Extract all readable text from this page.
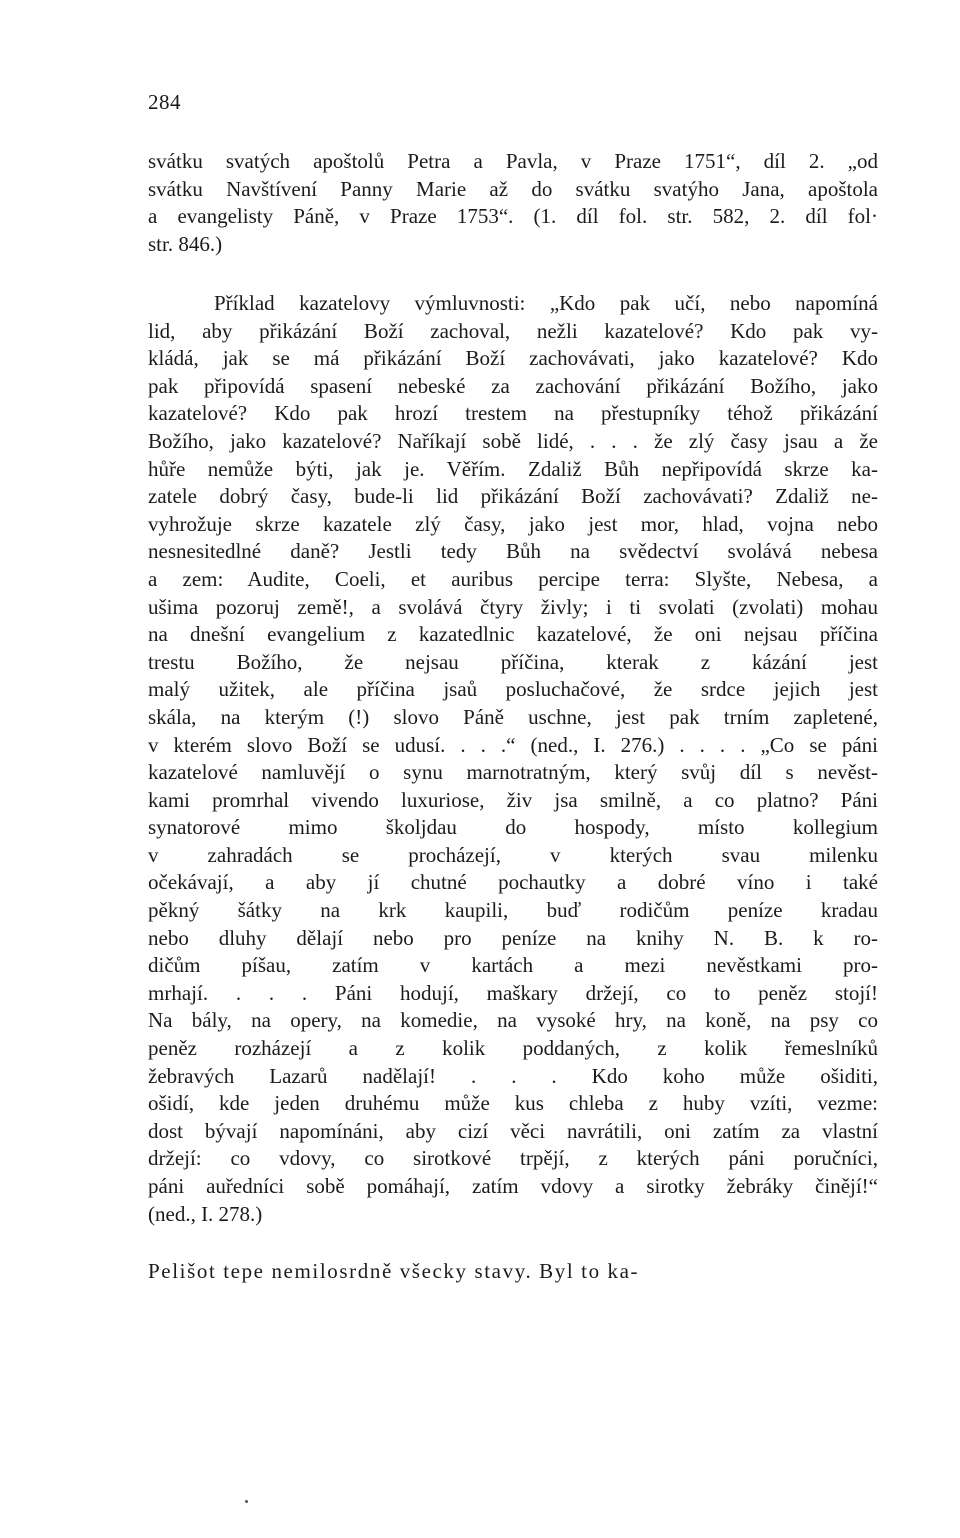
284
svátku svatých apoštolů Petra a Pavla, v Praze 1751“, díl 2. „od
svátku Navštívení Panny Marie až do svátku svatýho Jana, apoštola
a evangelisty Páně, v Praze 1753“. (1. díl fol. str. 582, 2. díl fol·
str. 846.)
Příklad kazatelovy výmluvnosti: „Kdo pak učí, nebo napomíná
lid, aby přikázání Boží zachoval, nežli kazatelové? Kdo pak vy-
kládá, jak se má přikázání Boží zachovávati, jako kazatelové? Kdo
pak připovídá spasení nebeské za zachování přikázání Božího, jako
kazatelové? Kdo pak hrozí trestem na přestupníky téhož přikázání
Božího, jako kazatelové? Naříkají sobě lidé, . . . že zlý časy jsau a že
hůře nemůže býti, jak je. Věřím. Zdaliž Bůh nepřipovídá skrze ka-
zatele dobrý časy, bude-li lid přikázání Boží zachovávati? Zdaliž ne-
vyhrožuje skrze kazatele zlý časy, jako jest mor, hlad, vojna nebo
nesnesitedlné daně? Jestli tedy Bůh na svědectví svolává nebesa
a zem: Audite, Coeli, et auribus percipe terra: Slyšte, Nebesa, a
ušima pozoruj země!, a svolává čtyry živly; i ti svolati (zvolati) mohau
na dnešní evangelium z kazatedlnic kazatelové, že oni nejsau příčina
trestu Božího, že nejsau příčina, kterak z kázání jest
malý užitek, ale příčina jsaů posluchačové, že srdce jejich jest
skála, na kterým (!) slovo Páně uschne, jest pak trním zapletené,
v kterém slovo Boží se udusí. . . .“ (ned., I. 276.) . . . . „Co se páni
kazatelové namluvějí o synu marnotratným, který svůj díl s nevěst-
kami promrhal vivendo luxuriose, živ jsa smilně, a co platno? Páni
synatorové mimo školjdau do hospody, místo kollegium
v zahradách se procházejí, v kterých svau milenku
očekávají, a aby jí chutné pochautky a dobré víno i také
pěkný šátky na krk kaupili, buď rodičům peníze kradau
nebo dluhy dělají nebo pro peníze na knihy N. B. k ro-
dičům píšau, zatím v kartách a mezi nevěstkami pro-
mrhají. . . . Páni hodují, maškary držejí, co to peněz stojí!
Na bály, na opery, na komedie, na vysoké hry, na koně, na psy co
peněz rozházejí a z kolik poddaných, z kolik řemeslníků
žebravých Lazarů nadělají! . . . Kdo koho může ošiditi,
ošidí, kde jeden druhému může kus chleba z huby vzíti, vezme:
dost bývají napomínáni, aby cizí věci navrátili, oni zatím za vlastní
držejí: co vdovy, co sirotkové trpějí, z kterých páni poručníci,
páni auředníci sobě pomáhají, zatím vdovy a sirotky žebráky činějí!“
(ned., I. 278.)
Pelišot tepe nemilosrdně všecky stavy. Byl to ka-
